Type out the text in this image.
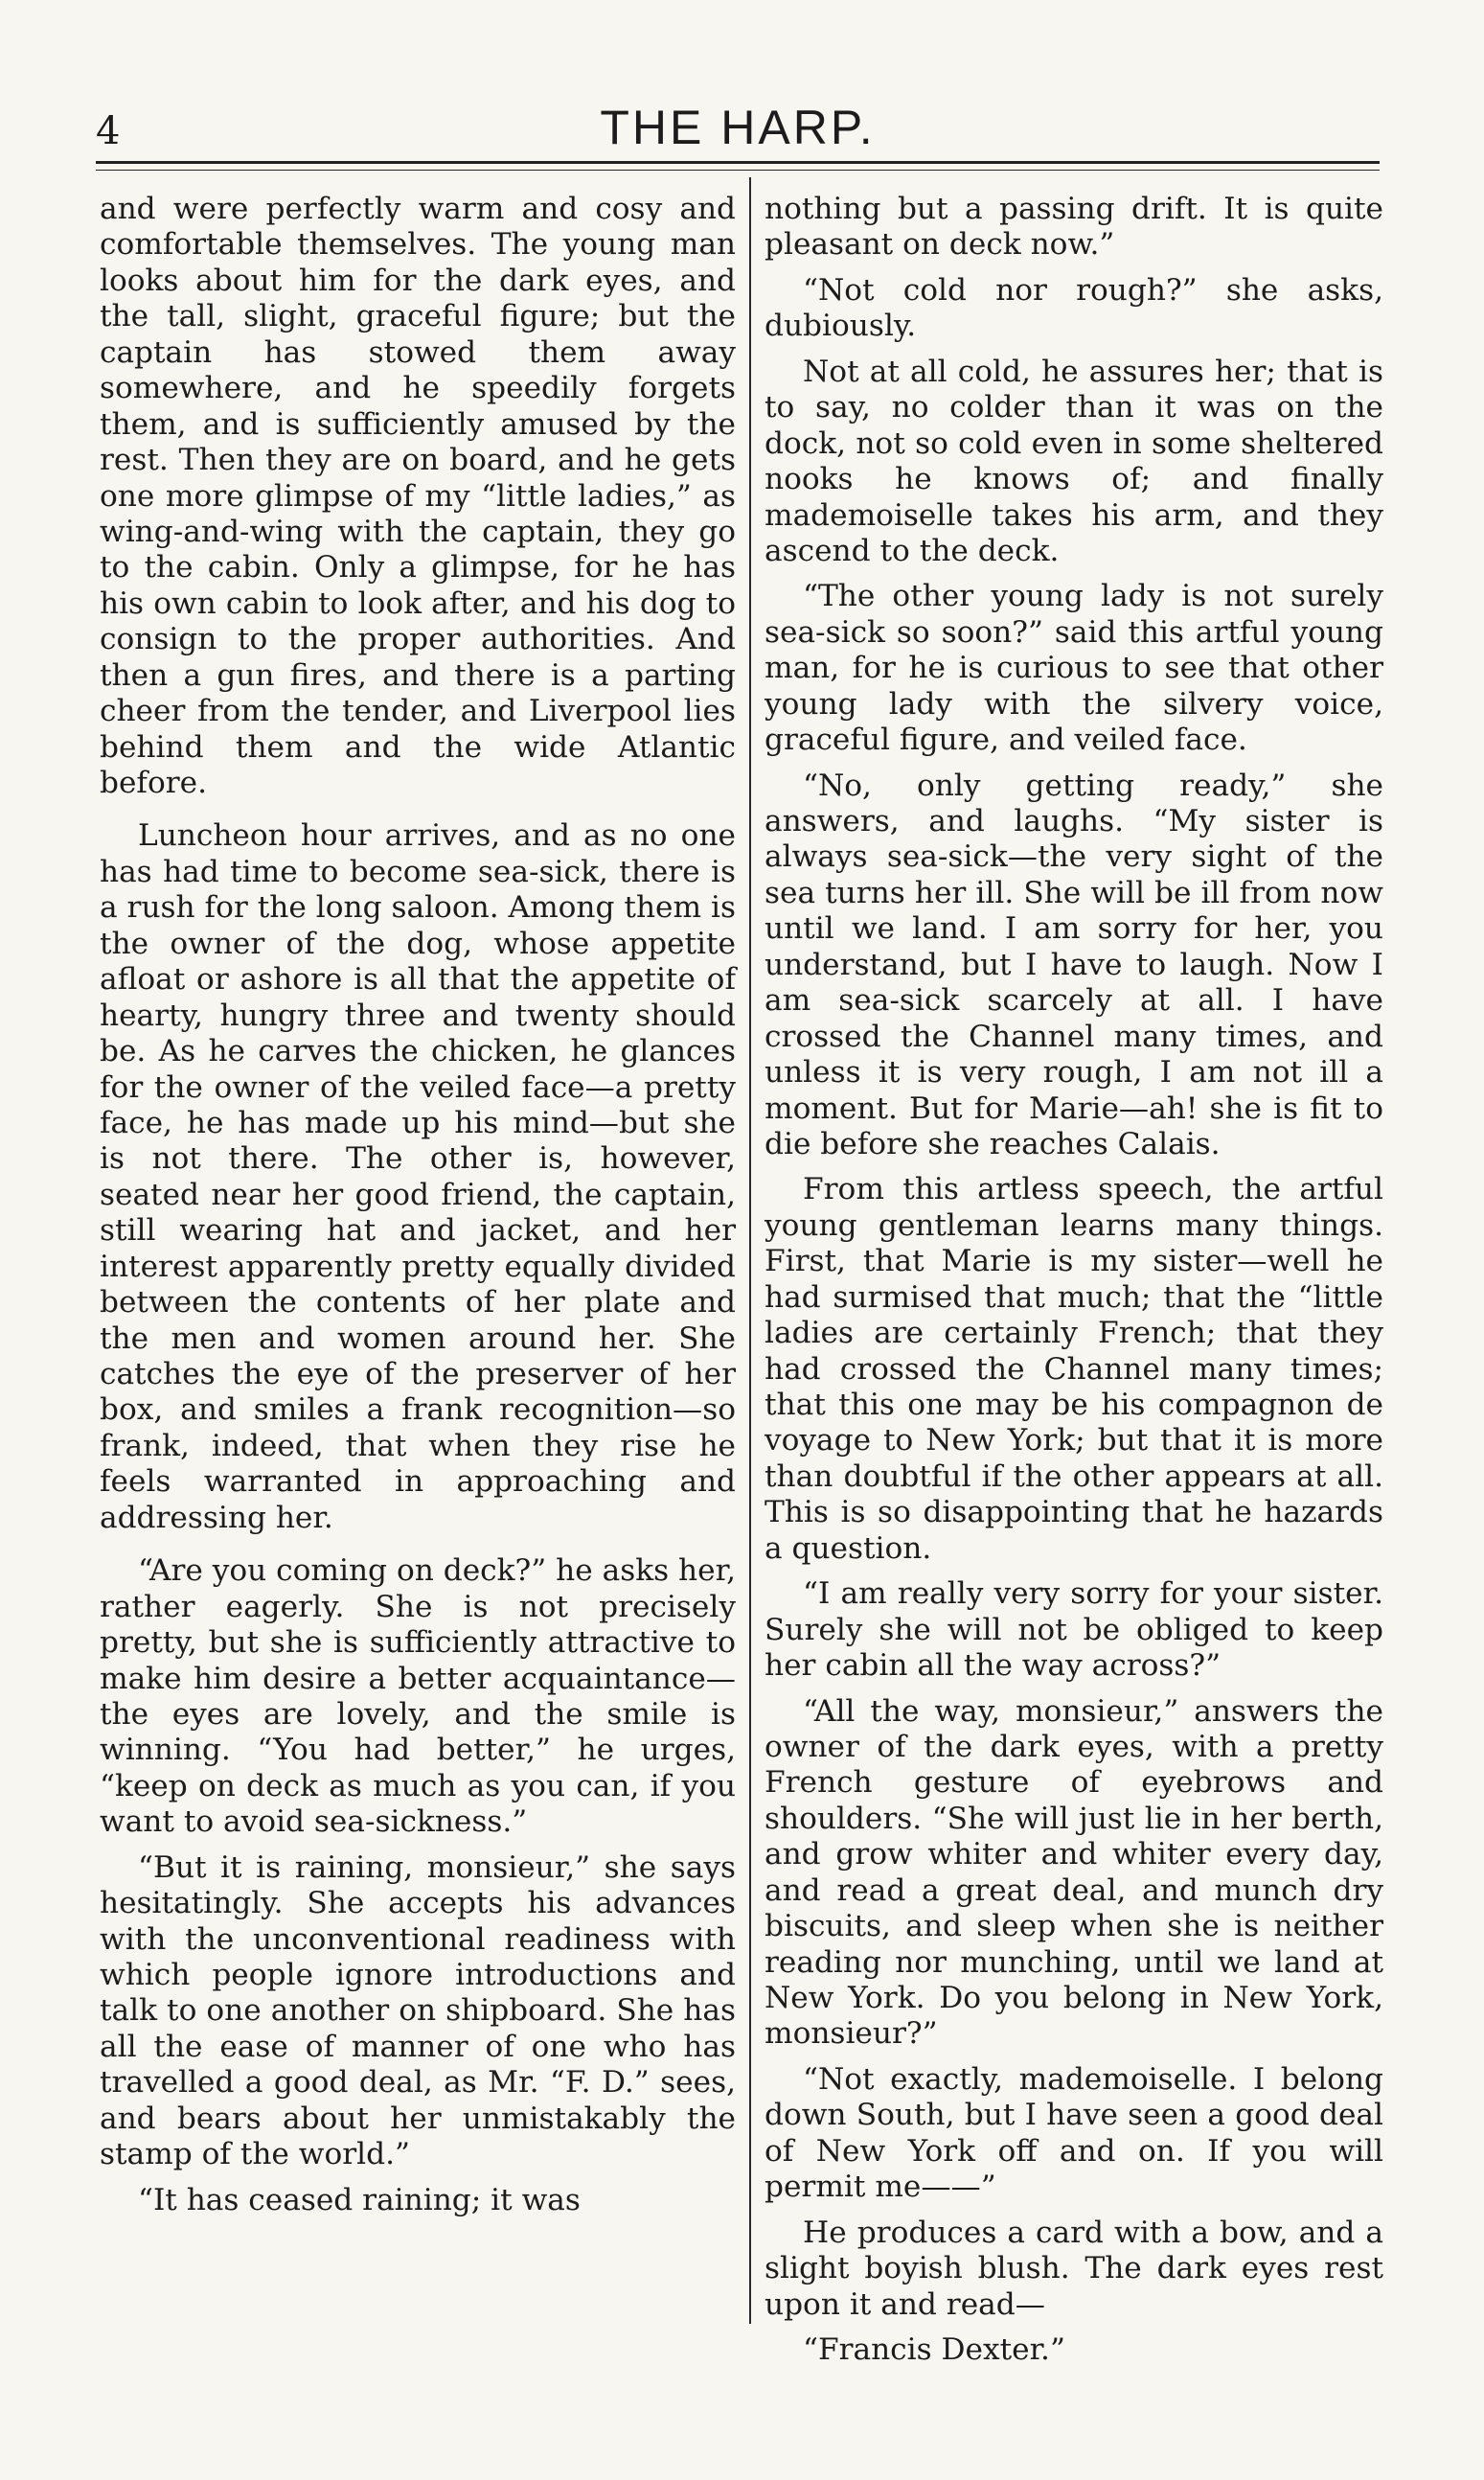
4	THE HARP.

and were perfectly warm and cosy and comfortable themselves. The young man looks about him for the dark eyes, and the tall, slight, graceful figure; but the captain has stowed them away somewhere, and he speedily forgets them, and is sufficiently amused by the rest. Then they are on board, and he gets one more glimpse of my “little ladies,” as wing-and-wing with the captain, they go to the cabin. Only a glimpse, for he has his own cabin to look after, and his dog to consign to the proper authorities. And then a gun fires, and there is a parting cheer from the tender, and Liverpool lies behind them and the wide Atlantic before.

Luncheon hour arrives, and as no one has had time to become sea-sick, there is a rush for the long saloon. Among them is the owner of the dog, whose appetite afloat or ashore is all that the appetite of hearty, hungry three and twenty should be. As he carves the chicken, he glances for the owner of the veiled face—a pretty face, he has made up his mind—but she is not there. The other is, however, seated near her good friend, the captain, still wearing hat and jacket, and her interest apparently pretty equally divided between the contents of her plate and the men and women around her. She catches the eye of the preserver of her box, and smiles a frank recognition—so frank, indeed, that when they rise he feels warranted in approaching and addressing her.

“Are you coming on deck?” he asks her, rather eagerly. She is not precisely pretty, but she is sufficiently attractive to make him desire a better acquaintance—the eyes are lovely, and the smile is winning. “You had better,” he urges, “keep on deck as much as you can, if you want to avoid sea-sickness.”

“But it is raining, monsieur,” she says hesitatingly. She accepts his advances with the unconventional readiness with which people ignore introductions and talk to one another on shipboard. She has all the ease of manner of one who has travelled a good deal, as Mr. “F. D.” sees, and bears about her unmistakably the stamp of the world.”

“It has ceased raining; it was

nothing but a passing drift. It is quite pleasant on deck now.”

“Not cold nor rough?” she asks, dubiously.

Not at all cold, he assures her; that is to say, no colder than it was on the dock, not so cold even in some sheltered nooks he knows of; and finally mademoiselle takes his arm, and they ascend to the deck.

“The other young lady is not surely sea-sick so soon?” said this artful young man, for he is curious to see that other young lady with the silvery voice, graceful figure, and veiled face.

“No, only getting ready,” she answers, and laughs. “My sister is always sea-sick—the very sight of the sea turns her ill. She will be ill from now until we land. I am sorry for her, you understand, but I have to laugh. Now I am sea-sick scarcely at all. I have crossed the Channel many times, and unless it is very rough, I am not ill a moment. But for Marie—ah! she is fit to die before she reaches Calais.

From this artless speech, the artful young gentleman learns many things. First, that Marie is my sister—well he had surmised that much; that the “little ladies are certainly French; that they had crossed the Channel many times; that this one may be his compagnon de voyage to New York; but that it is more than doubtful if the other appears at all. This is so disappointing that he hazards a question.

“I am really very sorry for your sister. Surely she will not be obliged to keep her cabin all the way across?”

“All the way, monsieur,” answers the owner of the dark eyes, with a pretty French gesture of eyebrows and shoulders. “She will just lie in her berth, and grow whiter and whiter every day, and read a great deal, and munch dry biscuits, and sleep when she is neither reading nor munching, until we land at New York. Do you belong in New York, monsieur?”

“Not exactly, mademoiselle. I belong down South, but I have seen a good deal of New York off and on. If you will permit me——”

He produces a card with a bow, and a slight boyish blush. The dark eyes rest upon it and read—

“Francis Dexter.”
